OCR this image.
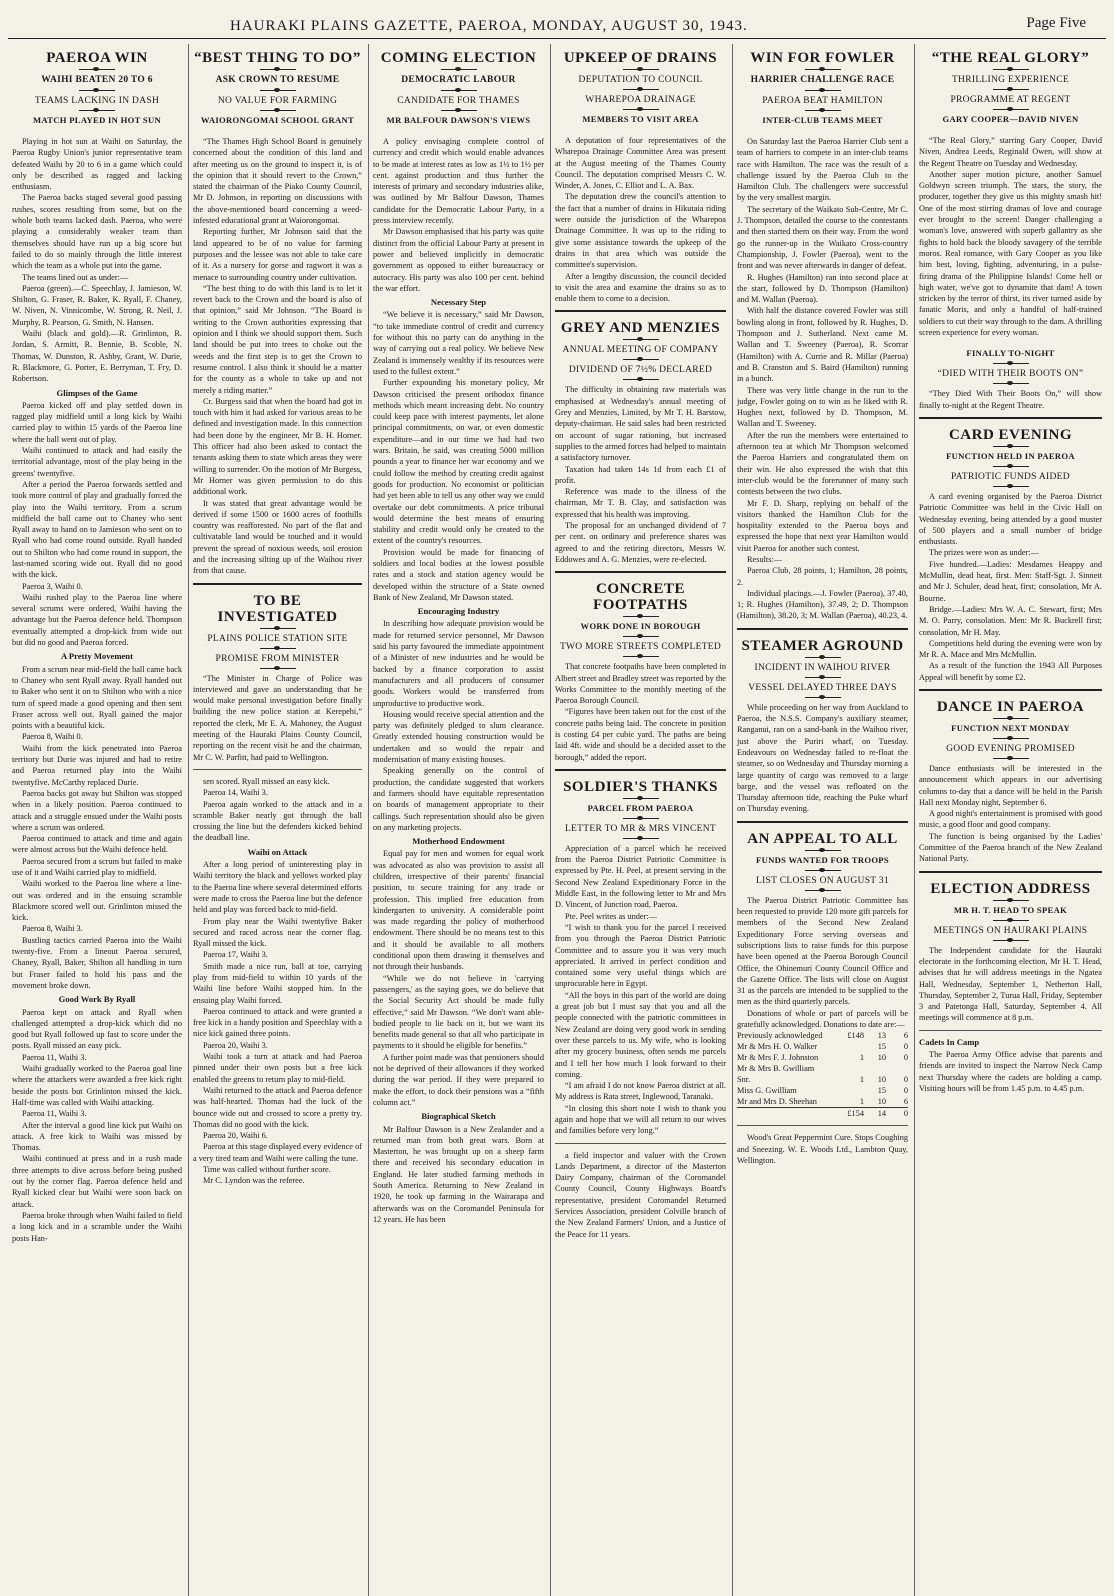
HAURAKI PLAINS GAZETTE, PAEROA, MONDAY, AUGUST 30, 1943.	Page Five
PAEROA WIN
WAIHI BEATEN 20 TO 6
TEAMS LACKING IN DASH
MATCH PLAYED IN HOT SUN

Playing in hot sun at Waihi on Saturday, the Paeroa Rugby Union's junior representative team defeated Waihi by 20 to 6 in a game which could only be described as ragged and lacking enthusiasm.

The Paeroa backs staged several good passing rushes, scores resulting from some, but on the whole both teams lacked dash. Paeroa, who were playing a considerably weaker team than themselves should have run up a big score but failed to do so mainly through the little interest which the team as a whole put into the game.

The teams lined out as under:—

Paeroa (green).—C. Speechlay, J. Jamieson, W. Shilton, G. Fraser, R. Baker, K. Ryall, F. Chaney, W. Niven, N. Vinnicombe, W. Strong, R. Neil, J. Murphy, R. Pearson, G. Smith, N. Hansen.

Waihi (black and gold).—R. Grinlinton, R. Jordan, S. Armitt, R. Bennie, B. Scoble, N. Thomas, W. Dunston, R. Ashby, Grant, W. Durie, R. Blackmore, G. Porter, E. Berryman, T. Fry, D. Robertson.

Glimpses of the Game

Paeroa kicked off and play settled down in ragged play midfield until a long kick by Waihi carried play to within 15 yards of the Paeroa line where the ball went out of play.

Waihi continued to attack and had easily the territorial advantage, most of the play being in the greens' twentyfive.

After a period the Paeroa forwards settled and took more control of play and gradually forced the play into the Waihi territory. From a scrum midfield the ball came out to Chaney who sent Ryall away to hand on to Jamieson who sent on to Ryall who had come round outside. Ryall handed out to Shilton who had come round in support, the last-named scoring wide out. Ryall did no good with the kick.

Paeroa 3, Waihi 0.

Waihi rushed play to the Paeroa line where several scrums were ordered, Waihi having the advantage but the Paeroa defence held. Thompson eventually attempted a drop-kick from wide out but did no good and Paeroa forced.

A Pretty Movement

From a scrum near mid-field the ball came back to Chaney who sent Ryall away. Ryall handed out to Baker who sent it on to Shilton who with a nice turn of speed made a good opening and then sent Fraser across well out. Ryall gained the major points with a beautiful kick.

Paeroa 8, Waihi 0.

Waihi from the kick penetrated into Paeroa territory but Durie was injured and had to retire and Paeroa returned play into the Waihi twentyfive. McCarthy replaced Durie.

Paeroa backs got away but Shilton was stopped when in a likely position. Paeroa continued to attack and a struggle ensued under the Waihi posts where a scrum was ordered.

Paeroa continued to attack and time and again were almost across but the Waihi defence held.

Paeroa secured from a scrum but failed to make use of it and Waihi carried play to midfield.

Waihi worked to the Paeroa line where a line-out was ordered and in the ensuing scramble Blackmore scored well out. Grinlinton missed the kick.

Paeroa 8, Waihi 3.

Bustling tactics carried Paeroa into the Waihi twenty-five. From a lineout Paeroa secured, Chaney, Ryall, Baker, Shilton all handling in turn but Fraser failed to hold his pass and the movement broke down.

Good Work By Ryall

Paeroa kept on attack and Ryall when challenged attempted a drop-kick which did no good but Ryall followed up fast to score under the posts. Ryall missed an easy pick.

Paeroa 11, Waihi 3.

Waihi gradually worked to the Paeroa goal line where the attackers were awarded a free kick right beside the posts but Grinlinton missed the kick. Half-time was called with Waihi attacking.

Paeroa 11, Waihi 3.

After the interval a good line kick put Waihi on attack. A free kick to Waihi was missed by Thomas.

Waihi continued at press and in a rush made three attempts to dive across before being pushed out by the corner flag. Paeroa defence held and Ryall kicked clear but Waihi were soon back on attack.

Paeroa broke through when Waihi failed to field a long kick and in a scramble under the Waihi posts Han-

“BEST THING TO DO”
ASK CROWN TO RESUME
NO VALUE FOR FARMING
WAIORONGOMAI SCHOOL GRANT

“The Thames High School Board is genuinely concerned about the condition of this land and after meeting us on the ground to inspect it, is of the opinion that it should revert to the Crown,” stated the chairman of the Piako County Council, Mr D. Johnson, in reporting on discussions with the above-mentioned board concerning a weed-infested educational grant at Waiorongomai.

Reporting further, Mr Johnson said that the land appeared to be of no value for farming purposes and the lessee was not able to take care of it. As a nursery for gorse and ragwort it was a menace to surrounding country under cultivation.

“The best thing to do with this land is to let it revert back to the Crown and the board is also of that opinion,” said Mr Johnson. “The Board is writing to the Crown authorities expressing that opinion and I think we should support them. Such land should be put into trees to choke out the weeds and the first step is to get the Crown to resume control. I also think it should be a matter for the county as a whole to take up and not merely a riding matter.”

Cr. Burgess said that when the board had got in touch with him it had asked for various areas to be defined and investigation made. In this connection had been done by the engineer, Mr B. H. Horner. This officer had also been asked to contact the tenants asking them to state which areas they were willing to surrender. On the motion of Mr Burgess, Mr Horner was given permission to do this additional work.

It was stated that great advantage would be derived if some 1500 or 1600 acres of foothills country was reafforested. No part of the flat and cultivatable land would be touched and it would prevent the spread of noxious weeds, soil erosion and the increasing silting up of the Waihou river from that cause.

TO BE INVESTIGATED
PLAINS POLICE STATION SITE
PROMISE FROM MINISTER

“The Minister in Charge of Police was interviewed and gave an understanding that he would make personal investigation before finally building the new police station at Kerepehi,” reported the clerk, Mr E. A. Mahoney, the August meeting of the Hauraki Plains County Council, reporting on the recent visit he and the chairman, Mr C. W. Parfitt, had paid to Wellington.

sen scored. Ryall missed an easy kick.

Paeroa 14, Waihi 3.

Paeroa again worked to the attack and in a scramble Baker nearly got through the ball crossing the line but the defenders kicked behind the deadball line.

Waihi on Attack

After a long period of uninteresting play in Waihi territory the black and yellows worked play to the Paeroa line where several determined efforts were made to cross the Paeroa line but the defence held and play was forced back to mid-field.

From play near the Waihi twentyfive Baker secured and raced across near the corner flag. Ryall missed the kick.

Paeroa 17, Waihi 3.

Smith made a nice run, ball at toe, carrying play from mid-field to within 10 yards of the Waihi line before Waihi stopped him. In the ensuing play Waihi forced.

Paeroa continued to attack and were granted a free kick in a handy position and Speechlay with a nice kick gained three points.

Paeroa 20, Waihi 3.

Waihi took a turn at attack and had Paeroa pinned under their own posts but a free kick enabled the greens to return play to mid-field.

Waihi returned to the attack and Paeroa defence was half-hearted. Thomas had the luck of the bounce wide out and crossed to score a pretty try. Thomas did no good with the kick.

Paeroa 20, Waihi 6.

Paeroa at this stage displayed every evidence of a very tired team and Waihi were calling the tune.

Time was called without further score.

Mr C. Lyndon was the referee.

COMING ELECTION
DEMOCRATIC LABOUR
CANDIDATE FOR THAMES
MR BALFOUR DAWSON'S VIEWS

A policy envisaging complete control of currency and credit which would enable advances to be made at interest rates as low as 1½ to 1½ per cent. against production and thus further the interests of primary and secondary industries alike, was outlined by Mr Balfour Dawson, Thames candidate for the Democratic Labour Party, in a press interview recently.

Mr Dawson emphasised that his party was quite distinct from the official Labour Party at present in power and believed implicitly in democratic government as opposed to either bureaucracy or autocracy. His party was also 100 per cent. behind the war effort.

Necessary Step

“We believe it is necessary,” said Mr Dawson, “to take immediate control of credit and currency for without this no party can do anything in the way of carrying out a real policy. We believe New Zealand is immensely wealthy if its resources were used to the fullest extent.”

Further expounding his monetary policy, Mr Dawson criticised the present orthodox finance methods which meant increasing debt. No country could keep pace with interest payments, let alone principal commitments, on war, or even domestic expenditure—and in our time we had had two wars. Britain, he said, was creating 5000 million pounds a year to finance her war economy and we could follow the method by creating credit against goods for production. No economist or politician had yet been able to tell us any other way we could overtake our debt commitments. A price tribunal would determine the best means of ensuring stability and credit would only be created to the extent of the country's resources.

Provision would be made for financing of soldiers and local bodies at the lowest possible rates and a stock and station agency would be developed within the structure of a State owned Bank of New Zealand, Mr Dawson stated.

Encouraging Industry

In describing how adequate provision would be made for returned service personnel, Mr Dawson said his party favoured the immediate appointment of a Minister of new industries and he would be backed by a finance corporation to assist manufacturers and all producers of consumer goods. Workers would be transferred from unproductive to productive work.

Housing would receive special attention and the party was definitely pledged to slum clearance. Greatly extended housing construction would be undertaken and so would the repair and modernisation of many existing houses.

Speaking generally on the control of production, the candidate suggested that workers and farmers should have equitable representation on boards of management appropriate to their callings. Such representation should also be given on any marketing projects.

Motherhood Endowment

Equal pay for men and women for equal work was advocated as also was provision to assist all children, irrespective of their parents' financial position, to secure training for any trade or profession. This implied free education from kindergarten to university. A considerable point was made regarding the policy of motherhood endowment. There should be no means test to this and it should be available to all mothers conditional upon them drawing it themselves and not through their husbands.

“While we do not believe in 'carrying passengers,' as the saying goes, we do believe that the Social Security Act should be made fully effective,” said Mr Dawson. “We don't want able-bodied people to lie back on it, but we want its benefits made general so that all who participate in payments to it should be eligible for benefits.”

A further point made was that pensioners should not be deprived of their allowances if they worked during the war period. If they were prepared to make the effort, to dock their pensions was a “fifth column act.”

Biographical Sketch

Mr Balfour Dawson is a New Zealander and a returned man from both great wars. Born at Masterton, he was brought up on a sheep farm there and received his secondary education in England. He later studied farming methods in South America. Returning to New Zealand in 1920, he took up farming in the Wairarapa and afterwards was on the Coromandel Peninsula for 12 years. He has been

UPKEEP OF DRAINS
DEPUTATION TO COUNCIL
WHAREPOA DRAINAGE
MEMBERS TO VISIT AREA

A deputation of four representatives of the Wharepoa Drainage Committee Area was present at the August meeting of the Thames County Council. The deputation comprised Messrs C. W. Winder, A. Jones, C. Elliot and L. A. Bax.

The deputation drew the council's attention to the fact that a number of drains in Hikutaia riding were outside the jurisdiction of the Wharepoa Drainage Committee. It was up to the riding to give some assistance towards the upkeep of the drains in that area which was outside the committee's supervision.

After a lengthy discussion, the council decided to visit the area and examine the drains so as to enable them to come to a decision.

GREY AND MENZIES
ANNUAL MEETING OF COMPANY
DIVIDEND OF 7½% DECLARED

The difficulty in obtaining raw materials was emphasised at Wednesday's annual meeting of Grey and Menzies, Limited, by Mr T. H. Barstow, deputy-chairman. He said sales had been restricted on account of sugar rationing, but increased supplies to the armed forces had helped to maintain a satisfactory turnover.

Taxation had taken 14s 1d from each £1 of profit.

Reference was made to the illness of the chairman, Mr T. B. Clay, and satisfaction was expressed that his health was improving.

The proposal for an unchanged dividend of 7 per cent. on ordinary and preference shares was agreed to and the retiring directors, Messrs W. Eddowes and A. G. Menzies, were re-elected.

CONCRETE FOOTPATHS
WORK DONE IN BOROUGH
TWO MORE STREETS COMPLETED

That concrete footpaths have been completed in Albert street and Bradley street was reported by the Works Committee to the monthly meeting of the Paeroa Borough Council.

“Figures have been taken out for the cost of the concrete paths being laid. The concrete in position is costing £4 per cubic yard. The paths are being laid 4ft. wide and should be a decided asset to the borough,” added the report.

SOLDIER'S THANKS
PARCEL FROM PAEROA
LETTER TO MR & MRS VINCENT

Appreciation of a parcel which he received from the Paeroa District Patriotic Committee is expressed by Pte. H. Peel, at present serving in the Second New Zealand Expeditionary Force in the Middle East, in the following letter to Mr and Mrs D. Vincent, of Junction road, Paeroa.

Pte. Peel writes as under:—

“I wish to thank you for the parcel I received from you through the Paeroa District Patriotic Committee and to assure you it was very much appreciated. It arrived in perfect condition and contained some very useful things which are unprocurable here in Egypt.

“All the boys in this part of the world are doing a great job but I must say that you and all the people connected with the patriotic committees in New Zealand are doing very good work in sending over these parcels to us. My wife, who is looking after my grocery business, often sends me parcels and I tell her how much I look forward to their coming.

“I am afraid I do not know Paeroa district at all. My address is Rata street, Inglewood, Taranaki.

“In closing this short note I wish to thank you again and hope that we will all return to our wives and families before very long.”

a field inspector and valuer with the Crown Lands Department, a director of the Masterton Dairy Company, chairman of the Coromandel County Council, County Highways Board's representative, president Coromandel Returned Services Association, president Colville branch of the New Zealand Farmers' Union, and a Justice of the Peace for 11 years.

WIN FOR FOWLER
HARRIER CHALLENGE RACE
PAEROA BEAT HAMILTON
INTER-CLUB TEAMS MEET

On Saturday last the Paeroa Harrier Club sent a team of harriers to compete in an inter-club teams race with Hamilton. The race was the result of a challenge issued by the Paeroa Club to the Hamilton Club. The challengers were successful by the very smallest margin.

The secretary of the Waikato Sub-Centre, Mr C. J. Thompson, detailed the course to the contestants and then started them on their way. From the word go the runner-up in the Waikato Cross-country Championship, J. Fowler (Paeroa), went to the front and was never afterwards in danger of defeat.

R. Hughes (Hamilton) ran into second place at the start, followed by D. Thompson (Hamilton) and M. Wallan (Paeroa).

With half the distance covered Fowler was still bowling along in front, followed by R. Hughes, D. Thompson and J. Sutherland. Next came M. Wallan and T. Sweeney (Paeroa), R. Scorrar (Hamilton) with A. Currie and R. Millar (Paeroa) and B. Cranston and S. Baird (Hamilton) running in a bunch.

There was very little change in the run to the judge, Fowler going on to win as he liked with R. Hughes next, followed by D. Thompson, M. Wallan and T. Sweeney.

After the run the members were entertained to afternoon tea at which Mr Thompson welcomed the Paeroa Harriers and congratulated them on their win. He also expressed the wish that this inter-club would be the forerunner of many such contests between the two clubs.

Mr F. D. Sharp, replying on behalf of the visitors thanked the Hamilton Club for the hospitality extended to the Paeroa boys and expressed the hope that next year Hamilton would visit Paeroa for another such contest.

Results:—

Paeroa Club, 28 points, 1; Hamilton, 28 points, 2.

Individual placings.—J. Fowler (Paeroa), 37.40, 1; R. Hughes (Hamilton), 37.49, 2; D. Thompson (Hamilton), 38.20, 3; M. Wallan (Paeroa), 40.23, 4.

STEAMER AGROUND
INCIDENT IN WAIHOU RIVER
VESSEL DELAYED THREE DAYS

While proceeding on her way from Auckland to Paeroa, the N.S.S. Company's auxiliary steamer, Ranganui, ran on a sand-bank in the Waihou river, just above the Puriri wharf, on Tuesday. Endeavours on Wednesday failed to re-float the steamer, so on Wednesday and Thursday morning a large quantity of cargo was removed to a large barge, and the vessel was refloated on the Thursday afternoon tide, reaching the Puke wharf on Thursday evening.

AN APPEAL TO ALL
FUNDS WANTED FOR TROOPS
LIST CLOSES ON AUGUST 31

The Paeroa District Patriotic Committee has been requested to provide 120 more gift parcels for members of the Second New Zealand Expeditionary Force serving overseas and subscriptions lists to raise funds for this purpose have been opened at the Paeroa Borough Council Office, the Ohinemuri County Council Office and the Gazette Office. The lists will close on August 31 as the parcels are intended to be supplied to the men as the third quarterly parcels.

Donations of whole or part of parcels will be gratefully acknowledged. Donations to date are:—

Previously acknowledged	£148	13	6
Mr & Mrs H. O. Walker		15	0
Mr & Mrs F. J. Johnston	1	10	0
Mr & Mrs B. Gwilliam			
Snr.	1	10	0
Miss G. Gwilliam		15	0
Mr and Mrs D. Sheehan	1	10	6
	£154	14	0

Wood's Great Peppermint Cure. Stops Coughing and Sneezing. W. E. Woods Ltd., Lambton Quay, Wellington.

“THE REAL GLORY”
THRILLING EXPERIENCE
PROGRAMME AT REGENT
GARY COOPER—DAVID NIVEN

“The Real Glory,” starring Gary Cooper, David Niven, Andrea Leeds, Reginald Owen, will show at the Regent Theatre on Tuesday and Wednesday.

Another super motion picture, another Samuel Goldwyn screen triumph. The stars, the story, the producer, together they give us this mighty smash hit! One of the most stirring dramas of love and courage ever brought to the screen! Danger challenging a woman's love, answered with superb gallantry as she fights to hold back the bloody savagery of the terrible moros. Real romance, with Gary Cooper as you like him best, loving, fighting, adventuring, in a pulse-firing drama of the Philippine Islands! Come hell or high water, we've got to dynamite that dam! A town stricken by the terror of thirst, its river turned aside by fanatic Moris, and only a handful of half-trained soldiers to cut their way through to the dam. A thrilling screen experience for every woman.

FINALLY TO-NIGHT
“DIED WITH THEIR BOOTS ON”

“They Died With Their Boots On,” will show finally to-night at the Regent Theatre.

CARD EVENING
FUNCTION HELD IN PAEROA
PATRIOTIC FUNDS AIDED

A card evening organised by the Paeroa District Patriotic Committee was held in the Civic Hall on Wednesday evening, being attended by a good muster of 500 players and a small number of bridge enthusiasts.

The prizes were won as under:—

Five hundred.—Ladies: Mesdames Heappy and McMullin, dead heat, first. Men: Staff-Sgt. J. Sinnett and Mr J. Schuler, dead heat, first; consolation, Mr A. Bourne.

Bridge.—Ladies: Mrs W. A. C. Stewart, first; Mrs M. O. Parry, consolation. Men: Mr R. Buckrell first; consolation, Mr H. May.

Competitions held during the evening were won by Mr R. A. Mace and Mrs McMullin.

As a result of the function the 1943 All Purposes Appeal will benefit by some £2.

DANCE IN PAEROA
FUNCTION NEXT MONDAY
GOOD EVENING PROMISED

Dance enthusiasts will be interested in the announcement which appears in our advertising columns to-day that a dance will be held in the Parish Hall next Monday night, September 6.

A good night's entertainment is promised with good music, a good floor and good company.

The function is being organised by the Ladies' Committee of the Paeroa branch of the New Zealand National Party.

ELECTION ADDRESS
MR H. T. HEAD TO SPEAK
MEETINGS ON HAURAKI PLAINS

The Independent candidate for the Hauraki electorate in the forthcoming election, Mr H. T. Head, advises that he will address meetings in the Ngatea Hall, Wednesday, September 1, Netherton Hall, Thursday, September 2, Turua Hall, Friday, September 3 and Patetonga Hall, Saturday, September 4. All meetings will commence at 8 p.m.

Cadets In Camp

The Paeroa Army Office advise that parents and friends are invited to inspect the Narrow Neck Camp next Thursday where the cadets are holding a camp. Visiting hours will be from 1.45 p.m. to 4.45 p.m.
